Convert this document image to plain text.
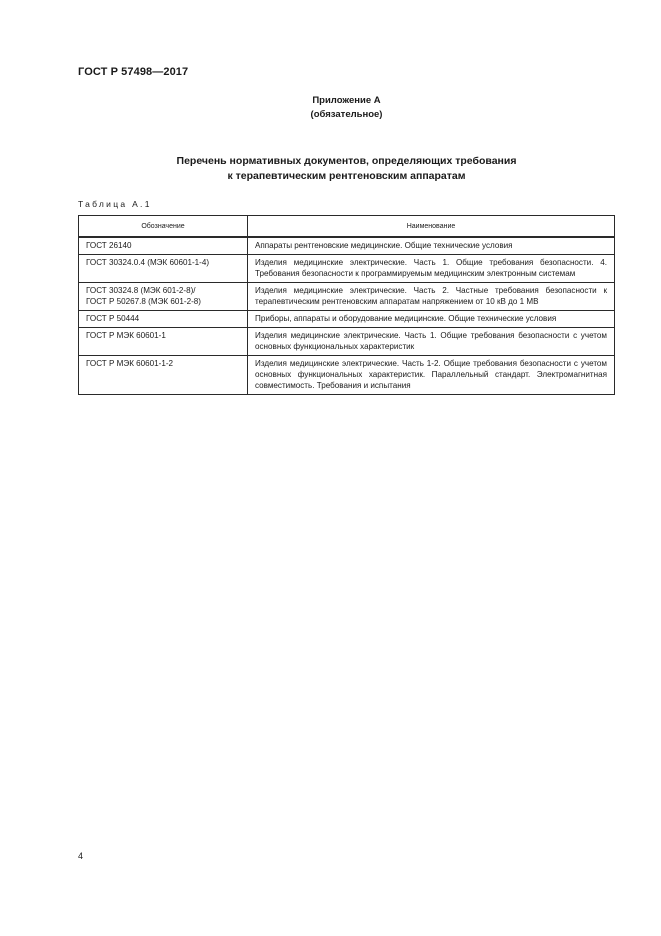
ГОСТ Р 57498—2017
Приложение А
(обязательное)
Перечень нормативных документов, определяющих требования
к терапевтическим рентгеновским аппаратам
Таблица А.1
Обозначение	Наименование

ГОСТ 26140	Аппараты рентгеновские медицинские. Общие технические условия

ГОСТ 30324.0.4 (МЭК 60601-1-4)	Изделия медицинские электрические. Часть 1. Общие требования безопасности. 4. Требования безопасности к программируемым медицинским электронным системам

ГОСТ 30324.8 (МЭК 601-2-8)/
ГОСТ Р 50267.8 (МЭК 601-2-8)	Изделия медицинские электрические. Часть 2. Частные требования безопасности к терапевтическим рентгеновским аппаратам напряжением от 10 кВ до 1 МВ

ГОСТ Р 50444	Приборы, аппараты и оборудование медицинские. Общие технические условия

ГОСТ Р МЭК 60601-1	Изделия медицинские электрические. Часть 1. Общие требования безопасности с учетом основных функциональных характеристик

ГОСТ Р МЭК 60601-1-2	Изделия медицинские электрические. Часть 1-2. Общие требования безопасности с учетом основных функциональных характеристик. Параллельный стандарт. Электромагнитная совместимость. Требования и испытания
4
